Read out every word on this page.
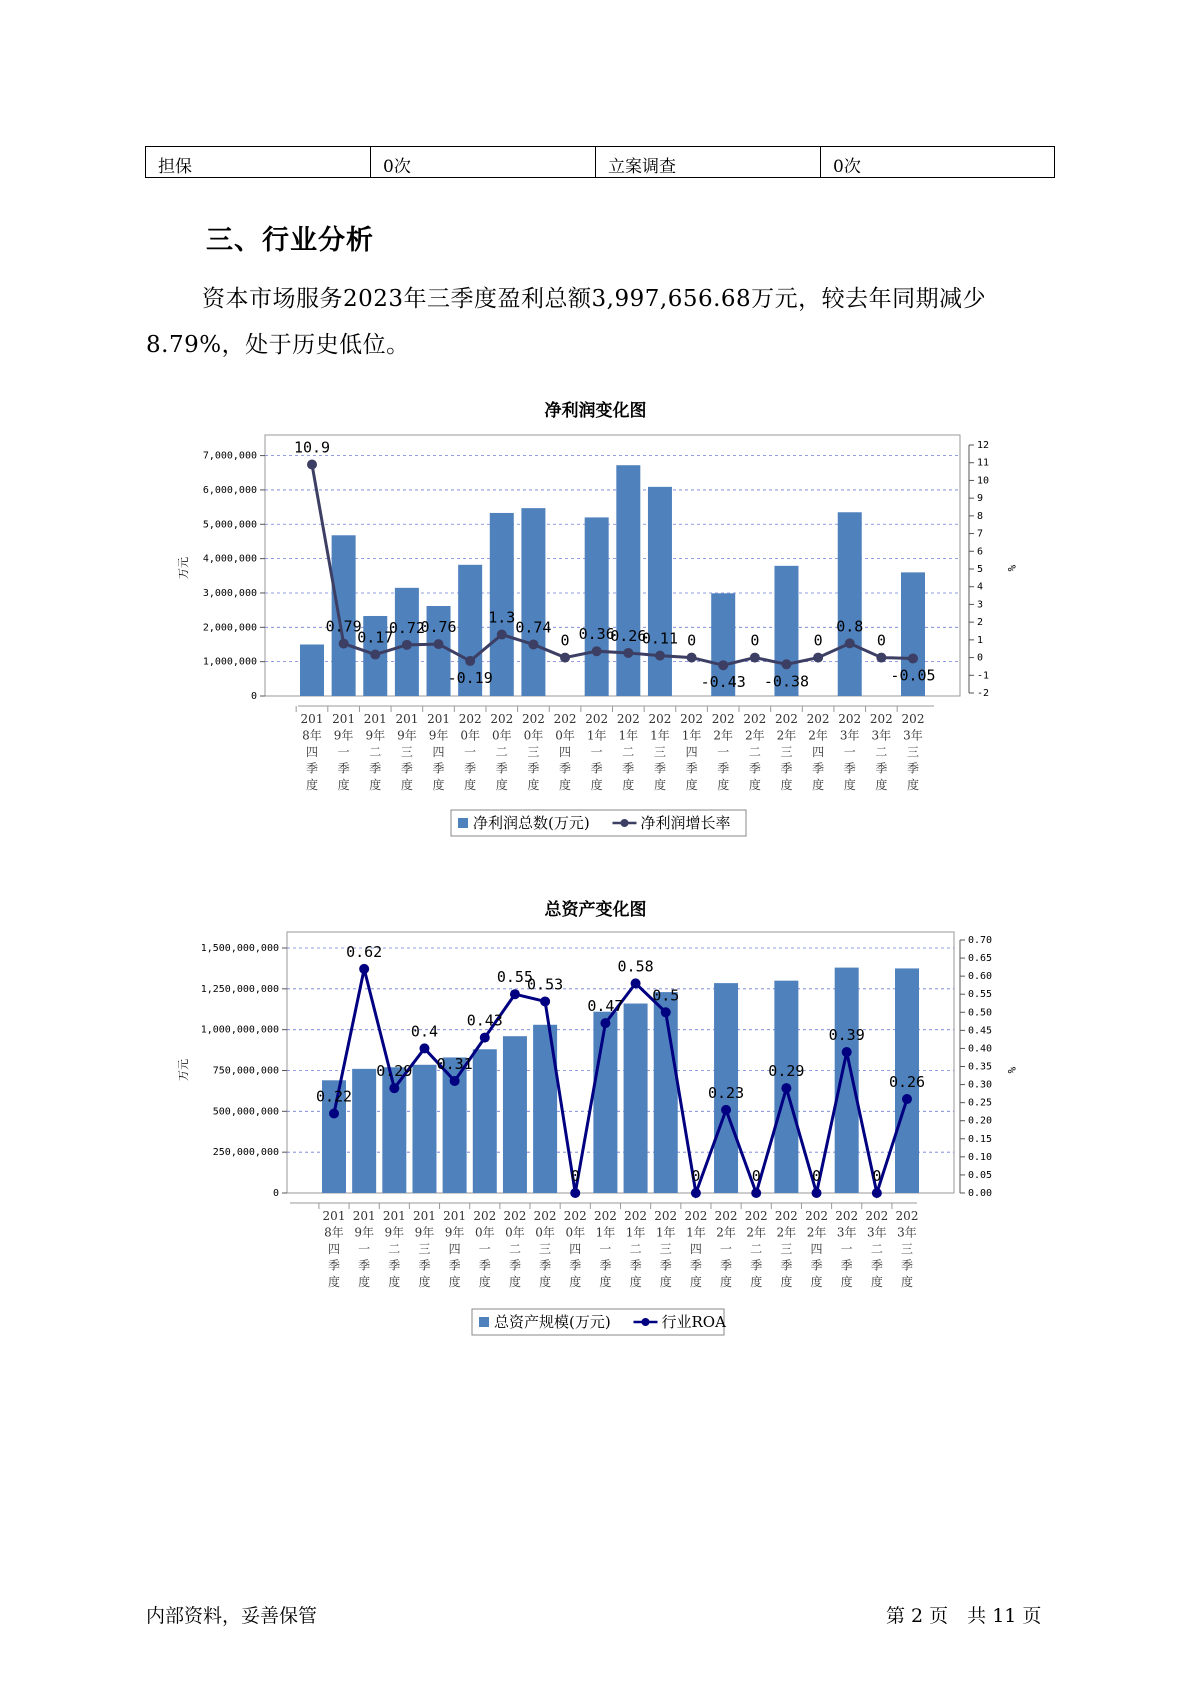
担保	0次	立案调查	0次
三、行业分析
资本市场服务2023年三季度盈利总额3,997,656.68万元，较去年同期减少8.79%，处于历史低位。
净利润变化图
0
1,000,000
2,000,000
3,000,000
4,000,000
5,000,000
6,000,000
7,000,000
-2
-1
0
1
2
3
4
5
6
7
8
9
10
11
12
万元	%
10.9
0.79
0.17
0.72
0.76
-0.19
1.3
0.74
0 0.36
0.26
0.11 0
-0.43
0
-0.38
0
0.8
0
-0.05
201 8年四季度
201 9年一季度
201 9年二季度
201 9年三季度
201 9年四季度
202 0年一季度
202 0年二季度
202 0年三季度
202 0年四季度
202 1年一季度
202 1年二季度
202 1年三季度
202 1年四季度
202 2年一季度
202 2年二季度
202 2年三季度
202 2年四季度
202 3年一季度
202 3年二季度
202 3年三季度
净利润总数(万元)	净利润增长率
总资产变化图
0
250,000,000
500,000,000
750,000,000
1,000,000,000
1,250,000,000
1,500,000,000
0.00
0.05
0.10
0.15
0.20
0.25
0.30
0.35
0.40
0.45
0.50
0.55
0.60
0.65
0.70
万元	%
0.22
0.62
0.29
0.4
0.31
0.43
0.55
0.53
0
0.47
0.58
0.5
0
0.23
0
0.29
0
0.39
0
0.26
201 8年四季度
201 9年一季度
201 9年二季度
201 9年三季度
201 9年四季度
202 0年一季度
202 0年二季度
202 0年三季度
202 0年四季度
202 1年一季度
202 1年二季度
202 1年三季度
202 1年四季度
202 2年一季度
202 2年二季度
202 2年三季度
202 2年四季度
202 3年一季度
202 3年二季度
202 3年三季度
总资产规模(万元)	行业ROA
内部资料，妥善保管	第 2 页　共 11 页
